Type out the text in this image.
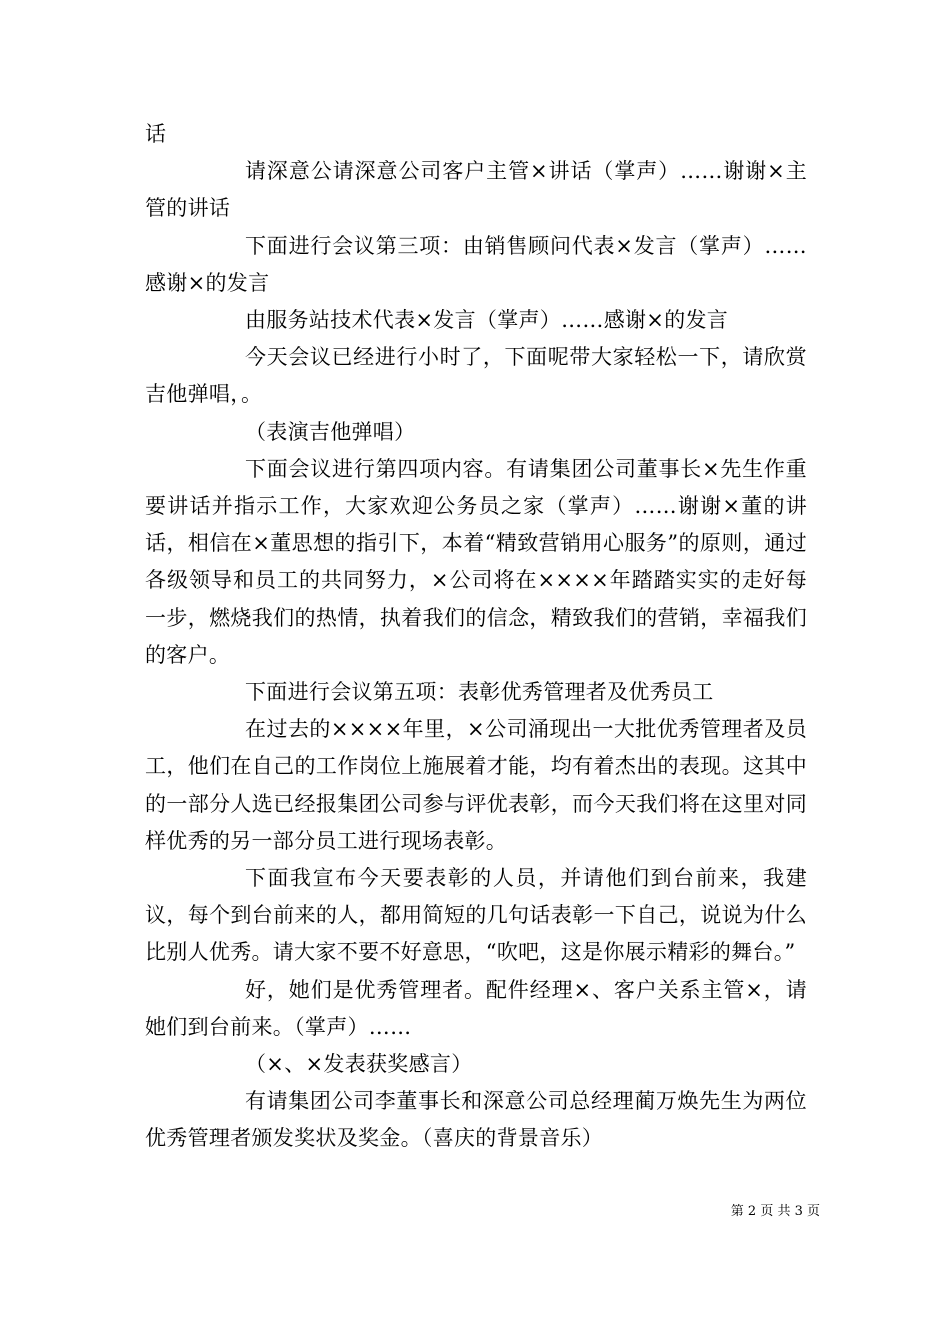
话

请深意公请深意公司客户主管×讲话（掌声）……谢谢×主管的讲话

下面进行会议第三项：由销售顾问代表×发言（掌声）……感谢×的发言

由服务站技术代表×发言（掌声）……感谢×的发言

今天会议已经进行小时了，下面呢带大家轻松一下，请欣赏吉他弹唱，。

（表演吉他弹唱）

下面会议进行第四项内容。有请集团公司董事长×先生作重要讲话并指示工作，大家欢迎公务员之家（掌声）……谢谢×董的讲话，相信在×董思想的指引下，本着“精致营销用心服务”的原则，通过各级领导和员工的共同努力，×公司将在××××年踏踏实实的走好每一步，燃烧我们的热情，执着我们的信念，精致我们的营销，幸福我们的客户。

下面进行会议第五项：表彰优秀管理者及优秀员工

在过去的××××年里，×公司涌现出一大批优秀管理者及员工，他们在自己的工作岗位上施展着才能，均有着杰出的表现。这其中的一部分人选已经报集团公司参与评优表彰，而今天我们将在这里对同样优秀的另一部分员工进行现场表彰。

下面我宣布今天要表彰的人员，并请他们到台前来，我建议，每个到台前来的人，都用简短的几句话表彰一下自己，说说为什么比别人优秀。请大家不要不好意思，“吹吧，这是你展示精彩的舞台。”

好，她们是优秀管理者。配件经理×、客户关系主管×，请她们到台前来。（掌声）……

（×、×发表获奖感言）

有请集团公司李董事长和深意公司总经理蔺万焕先生为两位优秀管理者颁发奖状及奖金。（喜庆的背景音乐）

第 2 页 共 3 页
